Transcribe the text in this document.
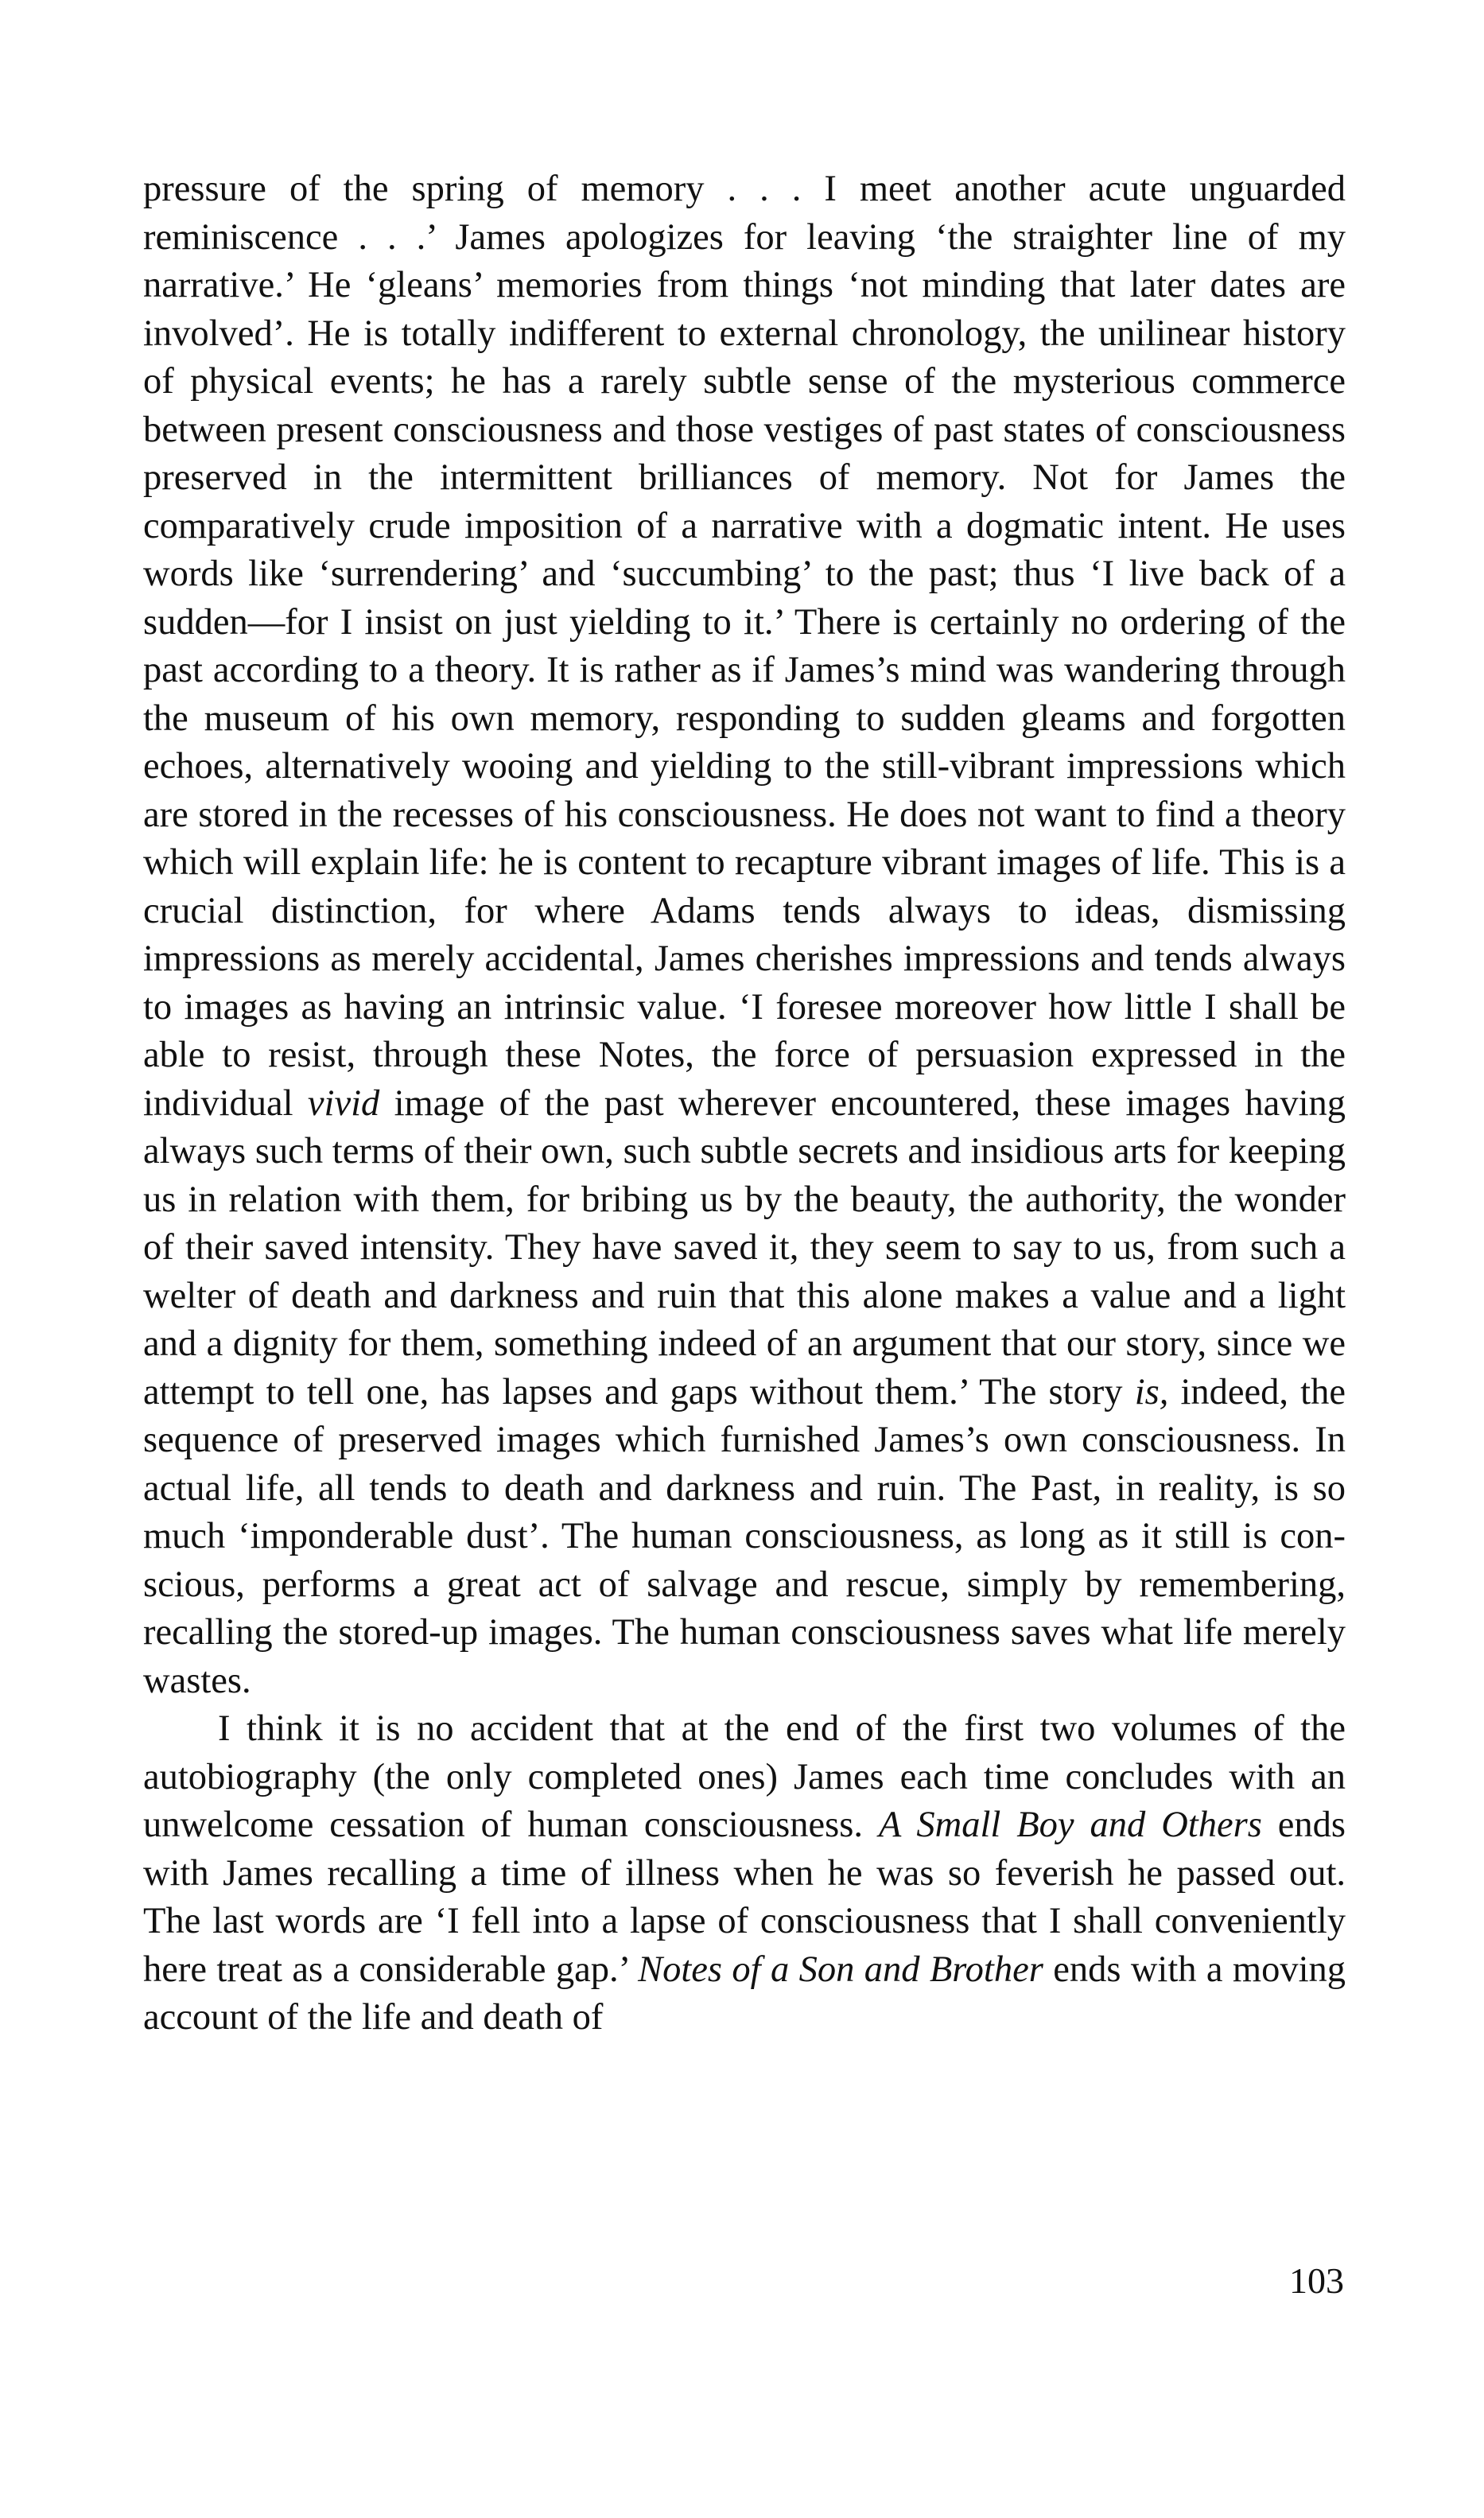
pressure of the spring of memory . . . I meet another acute unguarded reminiscence . . .’ James apologizes for leaving ‘the straighter line of my narrative.’ He ‘gleans’ memories from things ‘not minding that later dates are involved’. He is totally indifferent to external chronology, the unilinear history of physical events; he has a rarely subtle sense of the mysterious commerce between present consciousness and those vestiges of past states of consciousness preserved in the intermittent brilliances of memory. Not for James the comparatively crude imposition of a narrative with a dogmatic intent. He uses words like ‘surrendering’ and ‘succumbing’ to the past; thus ‘I live back of a sudden—for I insist on just yielding to it.’ There is certainly no ordering of the past according to a theory. It is rather as if James’s mind was wandering through the museum of his own memory, responding to sudden gleams and forgotten echoes, alternatively wooing and yielding to the still-vibrant impressions which are stored in the recesses of his consciousness. He does not want to find a theory which will explain life: he is content to recapture vibrant images of life. This is a crucial distinction, for where Adams tends always to ideas, dismissing impressions as merely accidental, James cherishes impressions and tends always to images as having an intrinsic value. ‘I foresee moreover how little I shall be able to resist, through these Notes, the force of persuasion expressed in the individual vivid image of the past wherever encountered, these images having always such terms of their own, such subtle secrets and insidious arts for keeping us in relation with them, for bribing us by the beauty, the authority, the wonder of their saved intensity. They have saved it, they seem to say to us, from such a welter of death and darkness and ruin that this alone makes a value and a light and a dignity for them, something indeed of an argument that our story, since we attempt to tell one, has lapses and gaps without them.’ The story is, indeed, the sequence of preserved images which furnished James’s own consciousness. In actual life, all tends to death and darkness and ruin. The Past, in reality, is so much ‘imponderable dust’. The human consciousness, as long as it still is conscious, performs a great act of salvage and rescue, simply by remembering, recalling the stored-up images. The human consciousness saves what life merely wastes.

I think it is no accident that at the end of the first two volumes of the autobiography (the only completed ones) James each time concludes with an unwelcome cessation of human consciousness. A Small Boy and Others ends with James recalling a time of illness when he was so feverish he passed out. The last words are ‘I fell into a lapse of consciousness that I shall conveniently here treat as a considerable gap.’ Notes of a Son and Brother ends with a moving account of the life and death of

103
